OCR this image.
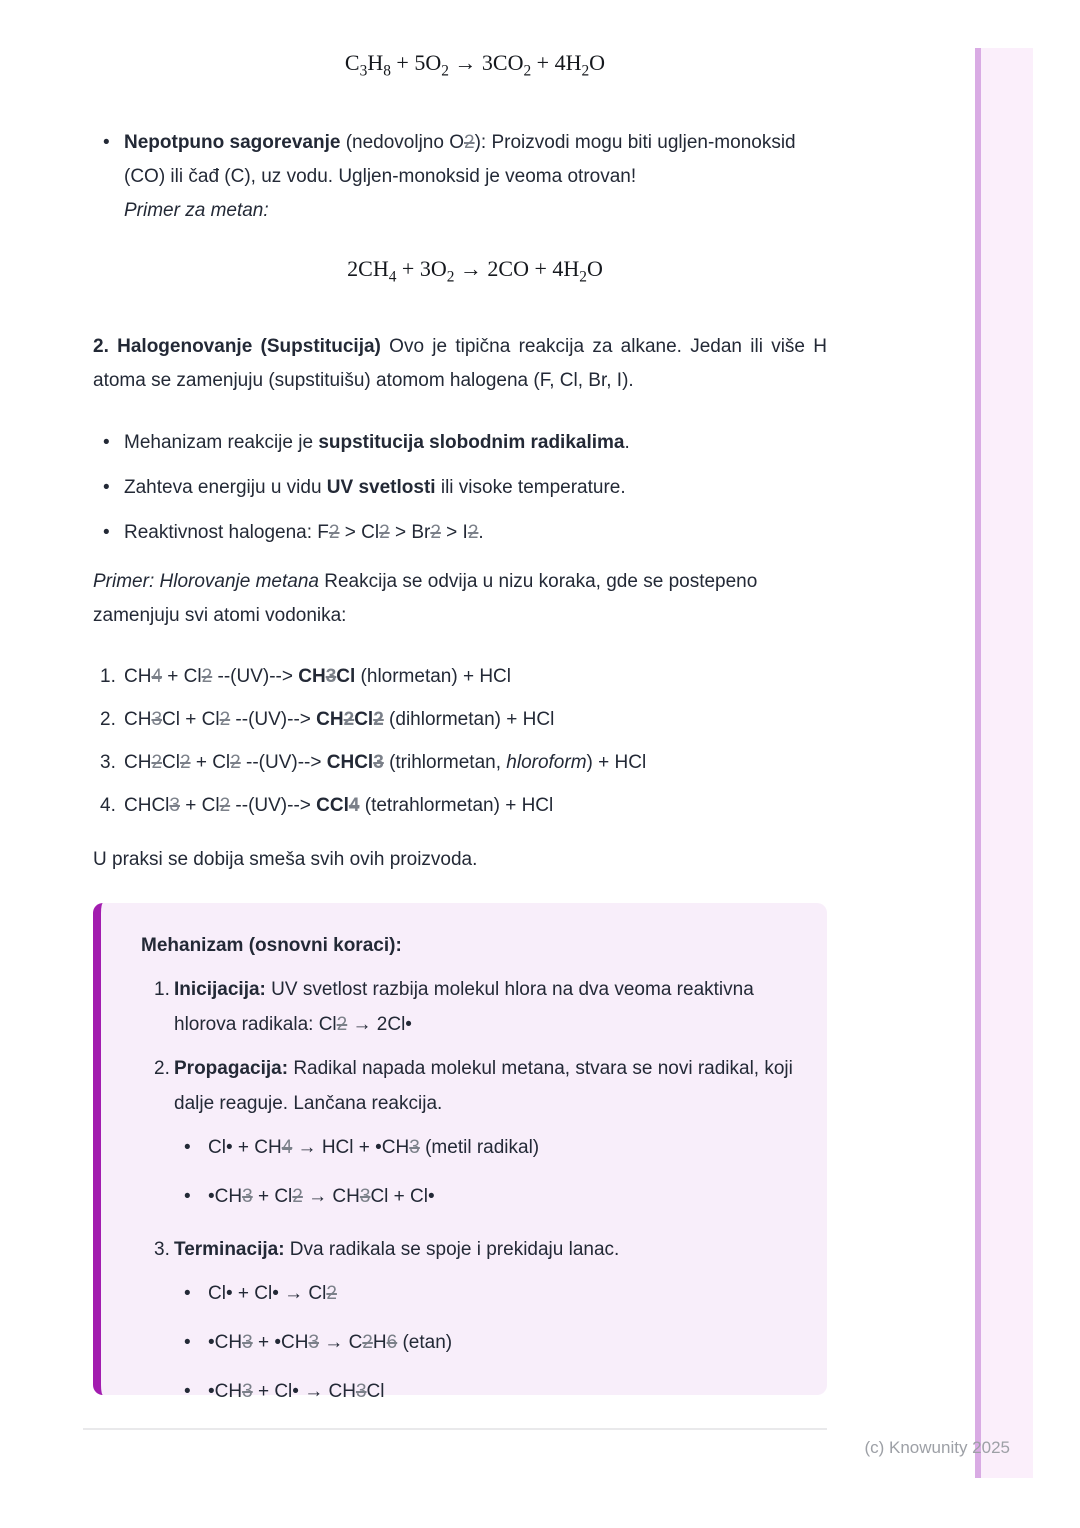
$C_3H_8 + 5O_2 \to 3CO_2 + 4H_2O$
• Nepotpuno sagorevanje (nedovoljno O2): Proizvodi mogu biti ugljen-monoksid (CO) ili čađ (C), uz vodu. Ugljen-monoksid je veoma otrovan!

Primer za metan:

$2CH_4 + 3O_2 \to 2CO + 4H_2O$
2. Halogenovanje (Supstitucija) Ovo je tipična reakcija za alkane. Jedan ili više H atoma se zamenjuju (supstituišu) atomom halogena (F, Cl, Br, I).
• Mehanizam reakcije je supstitucija slobodnim radikalima.
• Zahteva energiju u vidu UV svetlosti ili visoke temperature.
• Reaktivnost halogena: F2 > Cl2 > Br2 > I2.
Primer: Hlorovanje metana Reakcija se odvija u nizu koraka, gde se postepeno zamenjuju svi atomi vodonika:
1. CH4 + Cl2 --(UV)--> CH3Cl (hlormetan) + HCl
2. CH3Cl + Cl2 --(UV)--> CH2Cl2 (dihlormetan) + HCl
3. CH2Cl2 + Cl2 --(UV)--> CHCl3 (trihlormetan, hloroform) + HCl
4. CHCl3 + Cl2 --(UV)--> CCl4 (tetrahlormetan) + HCl
U praksi se dobija smeša svih ovih proizvoda.

Mehanizam (osnovni koraci):

1. Inicijacija: UV svetlost razbija molekul hlora na dva veoma reaktivna hlorova radikala: Cl2 → 2Cl•

2. Propagacija: Radikal napada molekul metana, stvara se novi radikal, koji dalje reaguje. Lančana reakcija.

• Cl• + CH4 → HCl + •CH3 (metil radikal)
• •CH3 + Cl2 → CH3Cl + Cl•
3. Terminacija: Dva radikala se spoje i prekidaju lanac.

• Cl• + Cl• → Cl2
• •CH3 + •CH3 → C2H6 (etan)
• •CH3 + Cl• → CH3Cl
(c) Knowunity 2025
